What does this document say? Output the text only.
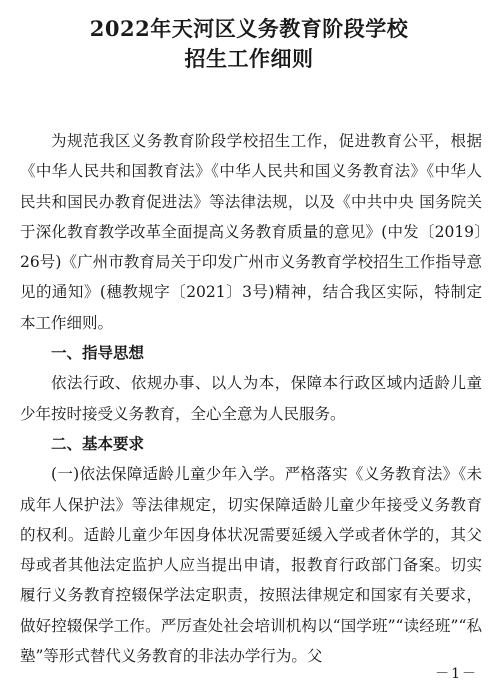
2022年天河区义务教育阶段学校
招生工作细则

为规范我区义务教育阶段学校招生工作，促进教育公平，根据《中华人民共和国教育法》《中华人民共和国义务教育法》《中华人民共和国民办教育促进法》等法律法规，以及《中共中央 国务院关于深化教育教学改革全面提高义务教育质量的意见》(中发〔2019〕26号)《广州市教育局关于印发广州市义务教育学校招生工作指导意见的通知》(穗教规字〔2021〕3号)精神，结合我区实际，特制定本工作细则。

一、指导思想

依法行政、依规办事、以人为本，保障本行政区域内适龄儿童少年按时接受义务教育，全心全意为人民服务。

二、基本要求

(一)依法保障适龄儿童少年入学。严格落实《义务教育法》《未成年人保护法》等法律规定，切实保障适龄儿童少年接受义务教育的权利。适龄儿童少年因身体状况需要延缓入学或者休学的，其父母或者其他法定监护人应当提出申请，报教育行政部门备案。切实履行义务教育控辍保学法定职责，按照法律规定和国家有关要求，做好控辍保学工作。严厉查处社会培训机构以“国学班”“读经班”“私塾”等形式替代义务教育的非法办学行为。父

－1－
